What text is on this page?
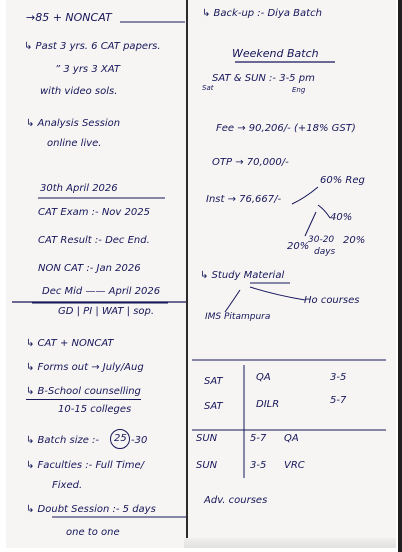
→85 + NONCAT
↳ Past 3 yrs. 6 CAT papers.
” 3 yrs 3 XAT
with video sols.
↳ Analysis Session
online live.
30th April 2026
CAT Exam :- Nov 2025
CAT Result :- Dec End.
NON CAT :- Jan 2026
Dec Mid —— April 2026
GD | PI | WAT | sop.
↳ CAT + NONCAT
↳ Forms out → July/Aug
↳ B-School counselling
10-15 colleges
↳ Batch size :- 25 -30
↳ Faculties :- Full Time/
Fixed.
↳ Doubt Session :- 5 days
one to one
↳ Back-up :- Diya Batch
Weekend Batch
Sat
SAT & SUN :- 3-5 pm
Eng
Fee → 90,206/- (+18% GST)
OTP → 70,000/-
Inst → 76,667/-
60% Reg
40%
20%
30-20 20%
days
↳ Study Material
Ho courses
IMS Pitampura
SAT	QA	3-5
SAT	DILR	5-7
SUN	5-7 QA
SUN	3-5 VRC
Adv. courses
